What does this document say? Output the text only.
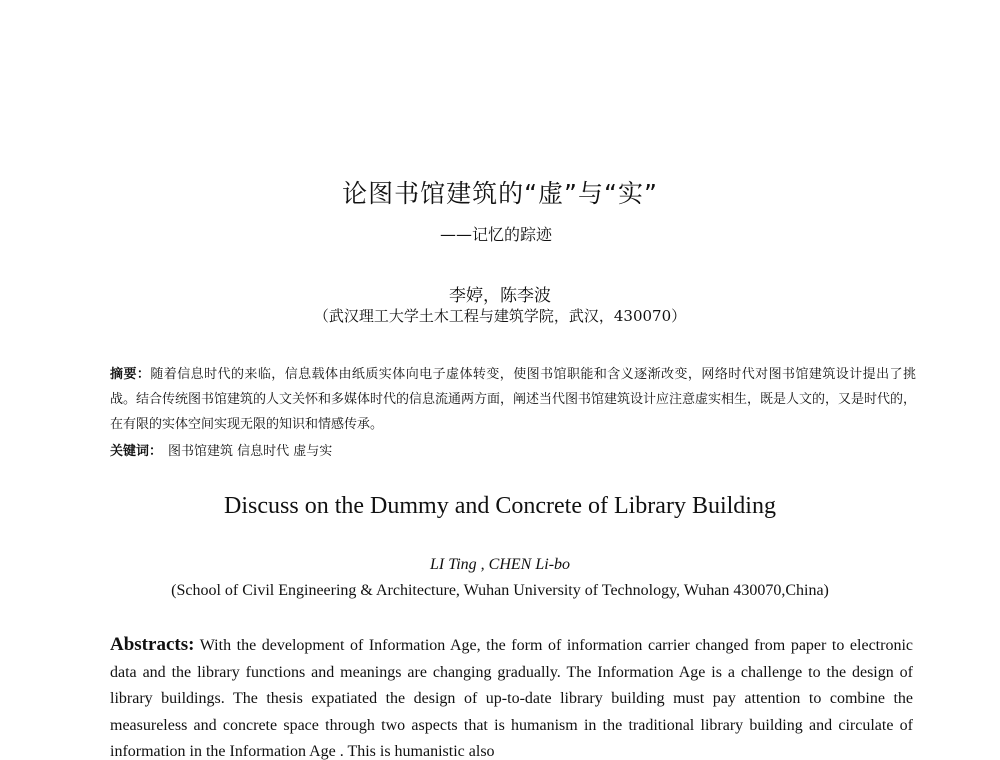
论图书馆建筑的“虚”与“实”
——记忆的踪迹
李婷，陈李波
（武汉理工大学土木工程与建筑学院，武汉，430070）
摘要：随着信息时代的来临，信息载体由纸质实体向电子虚体转变，使图书馆职能和含义逐渐改变，网络时代对图书馆建筑设计提出了挑战。结合传统图书馆建筑的人文关怀和多媒体时代的信息流通两方面，阐述当代图书馆建筑设计应注意虚实相生，既是人文的，又是时代的，在有限的实体空间实现无限的知识和情感传承。
关键词： 图书馆建筑 信息时代 虚与实
Discuss on the Dummy and Concrete of Library Building
LI Ting , CHEN Li-bo
(School of Civil Engineering & Architecture, Wuhan University of Technology, Wuhan 430070,China)
Abstracts: With the development of Information Age, the form of information carrier changed from paper to electronic data and the library functions and meanings are changing gradually. The Information Age is a challenge to the design of library buildings. The thesis expatiated the design of up-to-date library building must pay attention to combine the measureless and concrete space through two aspects that is humanism in the traditional library building and circulate of information in the Information Age . This is humanistic also
